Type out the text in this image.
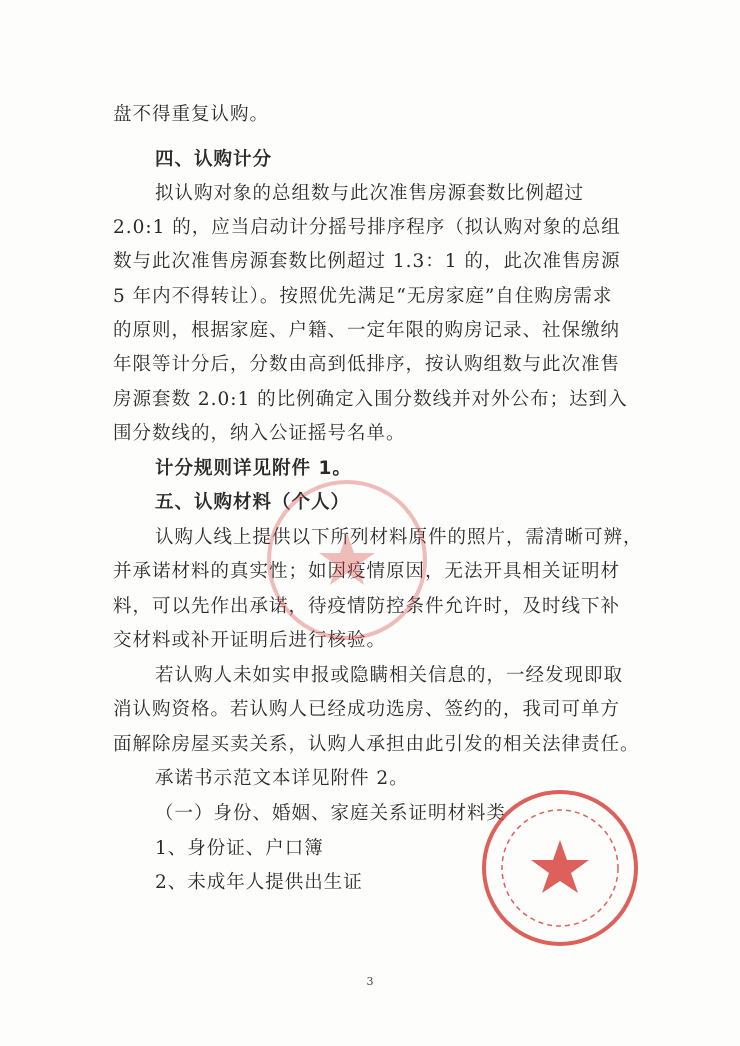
盘不得重复认购。
四、认购计分
拟认购对象的总组数与此次准售房源套数比例超过
2.0:1 的，应当启动计分摇号排序程序（拟认购对象的总组
数与此次准售房源套数比例超过 1.3：1 的，此次准售房源
5 年内不得转让）。按照优先满足“无房家庭”自住购房需求
的原则，根据家庭、户籍、一定年限的购房记录、社保缴纳
年限等计分后，分数由高到低排序，按认购组数与此次准售
房源套数 2.0:1 的比例确定入围分数线并对外公布；达到入
围分数线的，纳入公证摇号名单。
计分规则详见附件 1。
五、认购材料（个人）
认购人线上提供以下所列材料原件的照片，需清晰可辨，
并承诺材料的真实性；如因疫情原因，无法开具相关证明材
料，可以先作出承诺，待疫情防控条件允许时，及时线下补
交材料或补开证明后进行核验。
若认购人未如实申报或隐瞒相关信息的，一经发现即取
消认购资格。若认购人已经成功选房、签约的，我司可单方
面解除房屋买卖关系，认购人承担由此引发的相关法律责任。
承诺书示范文本详见附件 2。
（一）身份、婚姻、家庭关系证明材料类
1、身份证、户口簿
2、未成年人提供出生证
3
